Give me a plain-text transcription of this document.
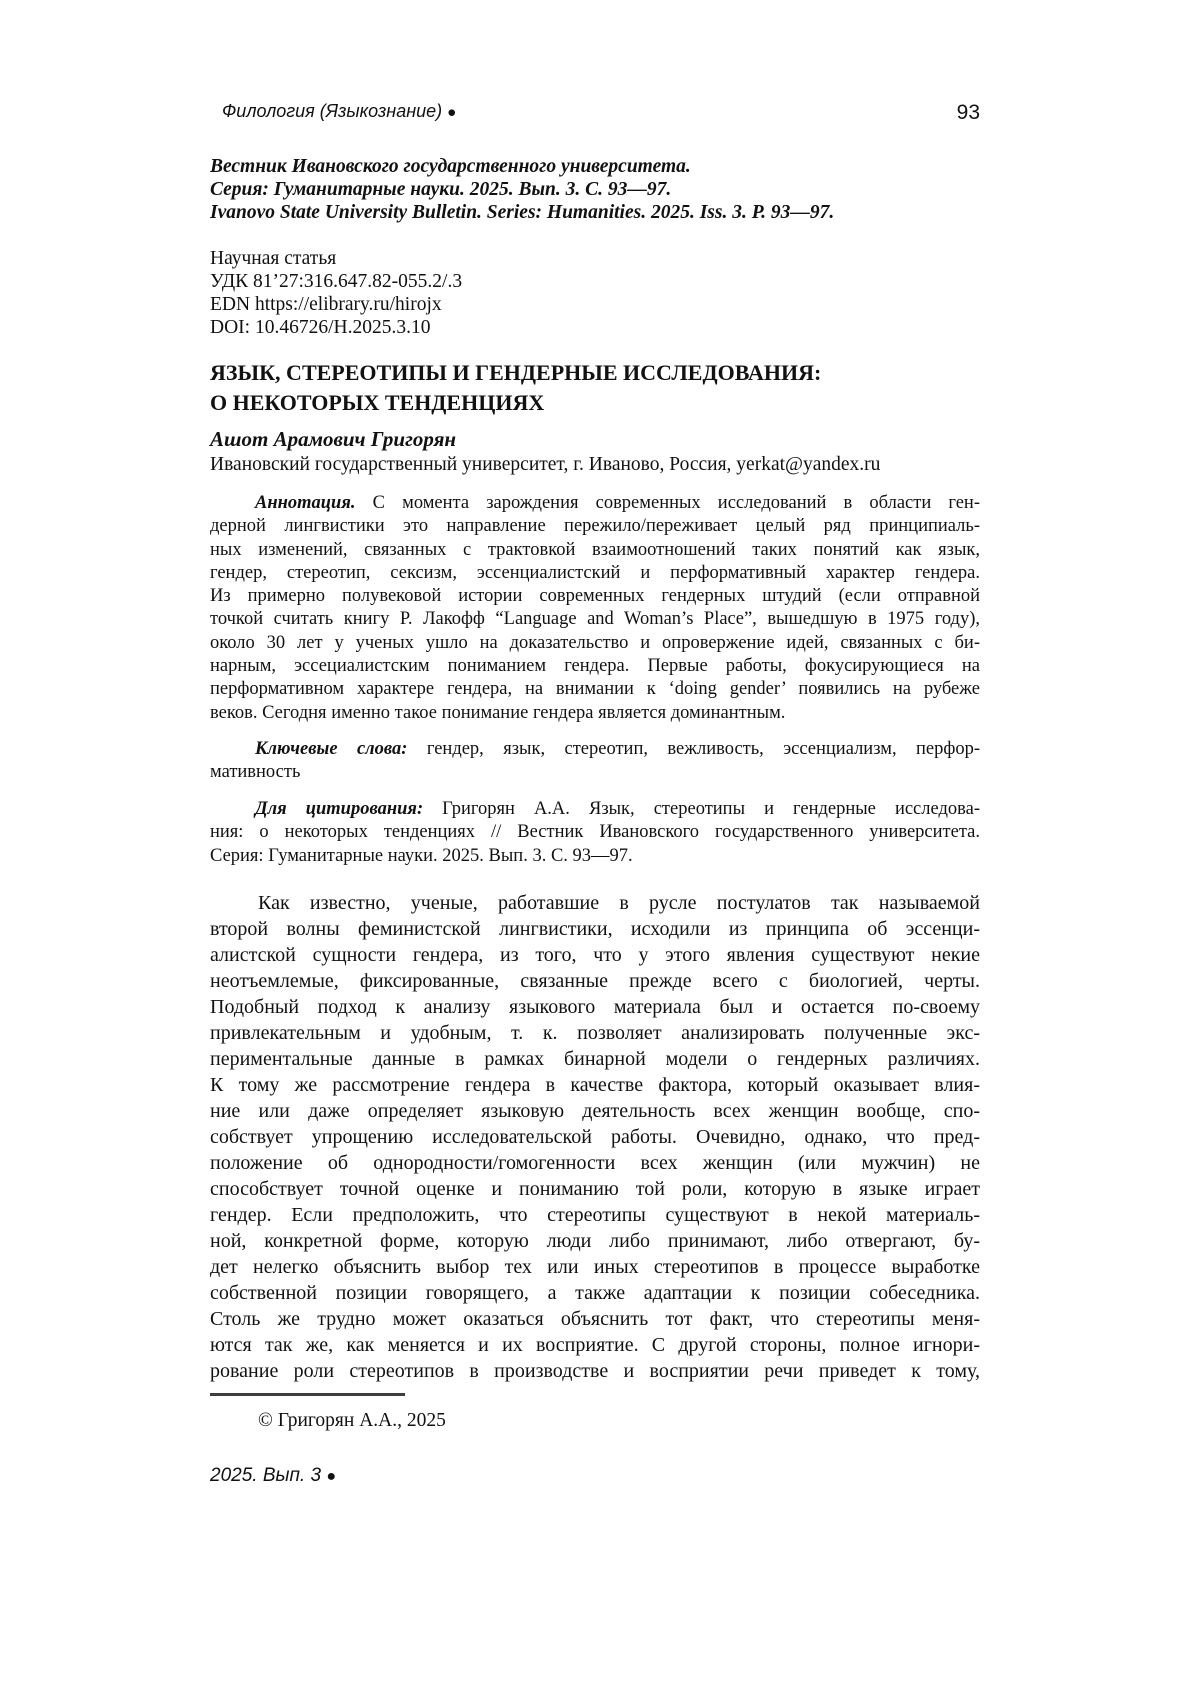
Филология (Языкознание) ●	93
Вестник Ивановского государственного университета.
Серия: Гуманитарные науки. 2025. Вып. 3. С. 93—97.
Ivanovo State University Bulletin. Series: Humanities. 2025. Iss. 3. P. 93—97.
Научная статья
УДК 81’27:316.647.82-055.2/.3
EDN https://elibrary.ru/hirojx
DOI: 10.46726/H.2025.3.10
ЯЗЫК, СТЕРЕОТИПЫ И ГЕНДЕРНЫЕ ИССЛЕДОВАНИЯ:
О НЕКОТОРЫХ ТЕНДЕНЦИЯХ
Ашот Арамович Григорян
Ивановский государственный университет, г. Иваново, Россия, yerkat@yandex.ru
Аннотация. С момента зарождения современных исследований в области ген-
дерной лингвистики это направление пережило/переживает целый ряд принципиаль-
ных изменений, связанных с трактовкой взаимоотношений таких понятий как язык,
гендер, стереотип, сексизм, эссенциалистский и перформативный характер гендера.
Из примерно полувековой истории современных гендерных штудий (если отправной
точкой считать книгу Р. Лакофф “Language and Woman’s Place”, вышедшую в 1975 году),
около 30 лет у ученых ушло на доказательство и опровержение идей, связанных с би-
нарным, эссециалистским пониманием гендера. Первые работы, фокусирующиеся на
перформативном характере гендера, на внимании к ‘doing gender’ появились на рубеже
веков. Сегодня именно такое понимание гендера является доминантным.
Ключевые слова: гендер, язык, стереотип, вежливость, эссенциализм, перфор-
мативность
Для цитирования: Григорян А.А. Язык, стереотипы и гендерные исследова-
ния: о некоторых тенденциях // Вестник Ивановского государственного университета.
Серия: Гуманитарные науки. 2025. Вып. 3. С. 93—97.
Как известно, ученые, работавшие в русле постулатов так называемой
второй волны феминистской лингвистики, исходили из принципа об эссенци-
алистской сущности гендера, из того, что у этого явления существуют некие
неотъемлемые, фиксированные, связанные прежде всего с биологией, черты.
Подобный подход к анализу языкового материала был и остается по-своему
привлекательным и удобным, т. к. позволяет анализировать полученные экс-
периментальные данные в рамках бинарной модели о гендерных различиях.
К тому же рассмотрение гендера в качестве фактора, который оказывает влия-
ние или даже определяет языковую деятельность всех женщин вообще, спо-
собствует упрощению исследовательской работы. Очевидно, однако, что пред-
положение об однородности/гомогенности всех женщин (или мужчин) не
способствует точной оценке и пониманию той роли, которую в языке играет
гендер. Если предположить, что стереотипы существуют в некой материаль-
ной, конкретной форме, которую люди либо принимают, либо отвергают, бу-
дет нелегко объяснить выбор тех или иных стереотипов в процессе выработке
собственной позиции говорящего, а также адаптации к позиции собеседника.
Столь же трудно может оказаться объяснить тот факт, что стереотипы меня-
ются так же, как меняется и их восприятие. С другой стороны, полное игнори-
рование роли стереотипов в производстве и восприятии речи приведет к тому,
© Григорян А.А., 2025
2025. Вып. 3 ●
